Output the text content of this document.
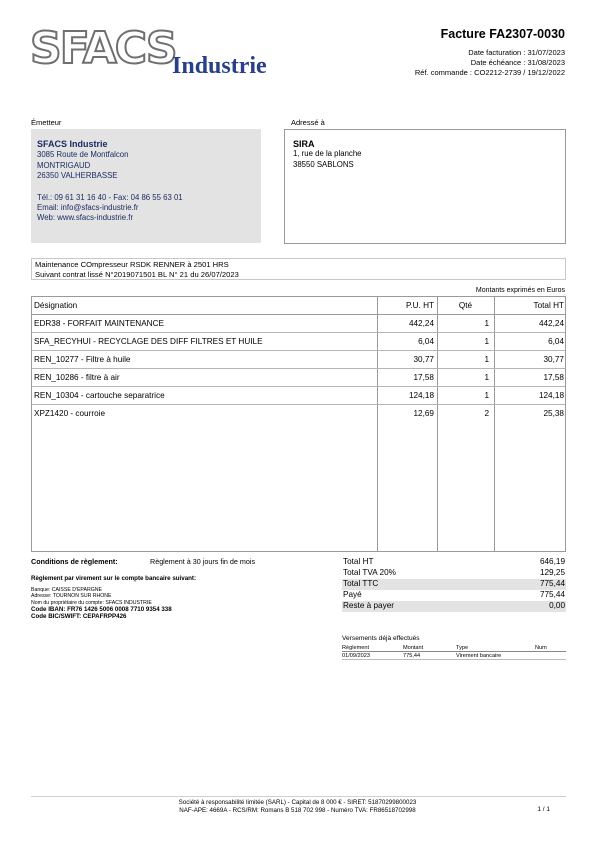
SFACS
Industrie
Facture FA2307-0030
Date facturation : 31/07/2023
Date échéance : 31/08/2023
Réf. commande : CO2212-2739 / 19/12/2022
Émetteur	Adressé à
SFACS Industrie
3085 Route de Montfalcon
MONTRIGAUD
26350 VALHERBASSE
Tél.: 09 61 31 16 40 - Fax: 04 86 55 63 01
Email: info@sfacs-industrie.fr
Web: www.sfacs-industrie.fr
SIRA
1, rue de la planche
38550 SABLONS
Maintenance COmpresseur RSDK RENNER à 2501 HRS
Suivant contrat lissé N°2019071501 BL N° 21 du 26/07/2023
Montants exprimés en Euros
Désignation	P.U. HT	Qté	Total HT
EDR38 - FORFAIT MAINTENANCE	442,24	1	442,24
SFA_RECYHUI - RECYCLAGE DES DIFF FILTRES ET HUILE	6,04	1	6,04
REN_10277 - Filtre à huile	30,77	1	30,77
REN_10286 - filtre à air	17,58	1	17,58
REN_10304 - cartouche separatrice	124,18	1	124,18
XPZ1420 - courroie	12,69	2	25,38
Conditions de règlement:	Règlement à 30 jours fin de mois
Règlement par virement sur le compte bancaire suivant:
Banque: CAISSE D'EPARGNE
Adresse: TOURNON SUR RHONE
Nom du propriétaire du compte: SFACS INDUSTRIE
Code IBAN: FR76 1426 5006 0008 7710 9354 338
Code BIC/SWIFT: CEPAFRPP426
Total HT	646,19
Total TVA 20%	129,25
Total TTC	775,44
Payé	775,44
Reste à payer	0,00
Versements déjà effectués
Règlement	Montant	Type	Num
01/09/2023	775,44	Virement bancaire
Société à responsabilité limitée (SARL) - Capital de 8 000 € - SIRET: 51870299800023
NAF-APE: 4669A - RCS/RM: Romans B 518 702 998 - Numéro TVA: FR86518702998	1 / 1
